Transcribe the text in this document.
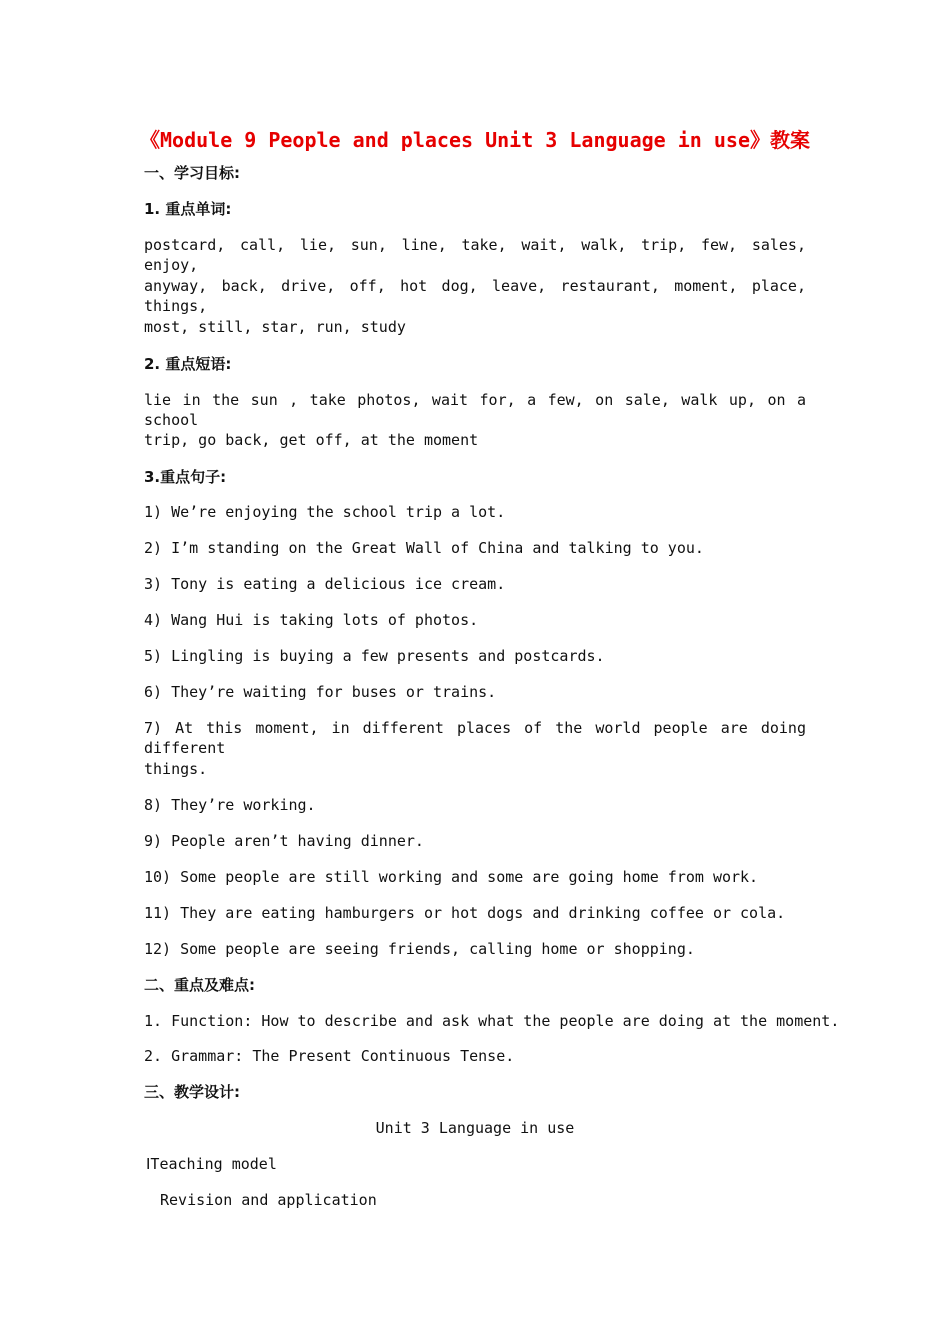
《Module 9 People and places Unit 3 Language in use》教案
一、学习目标:
1. 重点单词:
postcard, call, lie, sun, line, take, wait, walk, trip, few, sales, enjoy,
anyway, back, drive, off, hot dog, leave, restaurant, moment, place, things,
most, still, star, run, study
2. 重点短语:
lie in the sun , take photos, wait for, a few, on sale, walk up, on a school
trip, go back, get off, at the moment
3.重点句子:
1) We’re enjoying the school trip a lot.
2) I’m standing on the Great Wall of China and talking to you.
3) Tony is eating a delicious ice cream.
4) Wang Hui is taking lots of photos.
5) Lingling is buying a few presents and postcards.
6) They’re waiting for buses or trains.
7) At this moment, in different places of the world people are doing different
things.
8) They’re working.
9) People aren’t having dinner.
10) Some people are still working and some are going home from work.
11) They are eating hamburgers or hot dogs and drinking coffee or cola.
12) Some people are seeing friends, calling home or shopping.
二、重点及难点:
1. Function: How to describe and ask what the people are doing at the moment.
2. Grammar: The Present Continuous Tense.
三、教学设计:
Unit 3 Language in use
ⅠTeaching model
Revision and application
